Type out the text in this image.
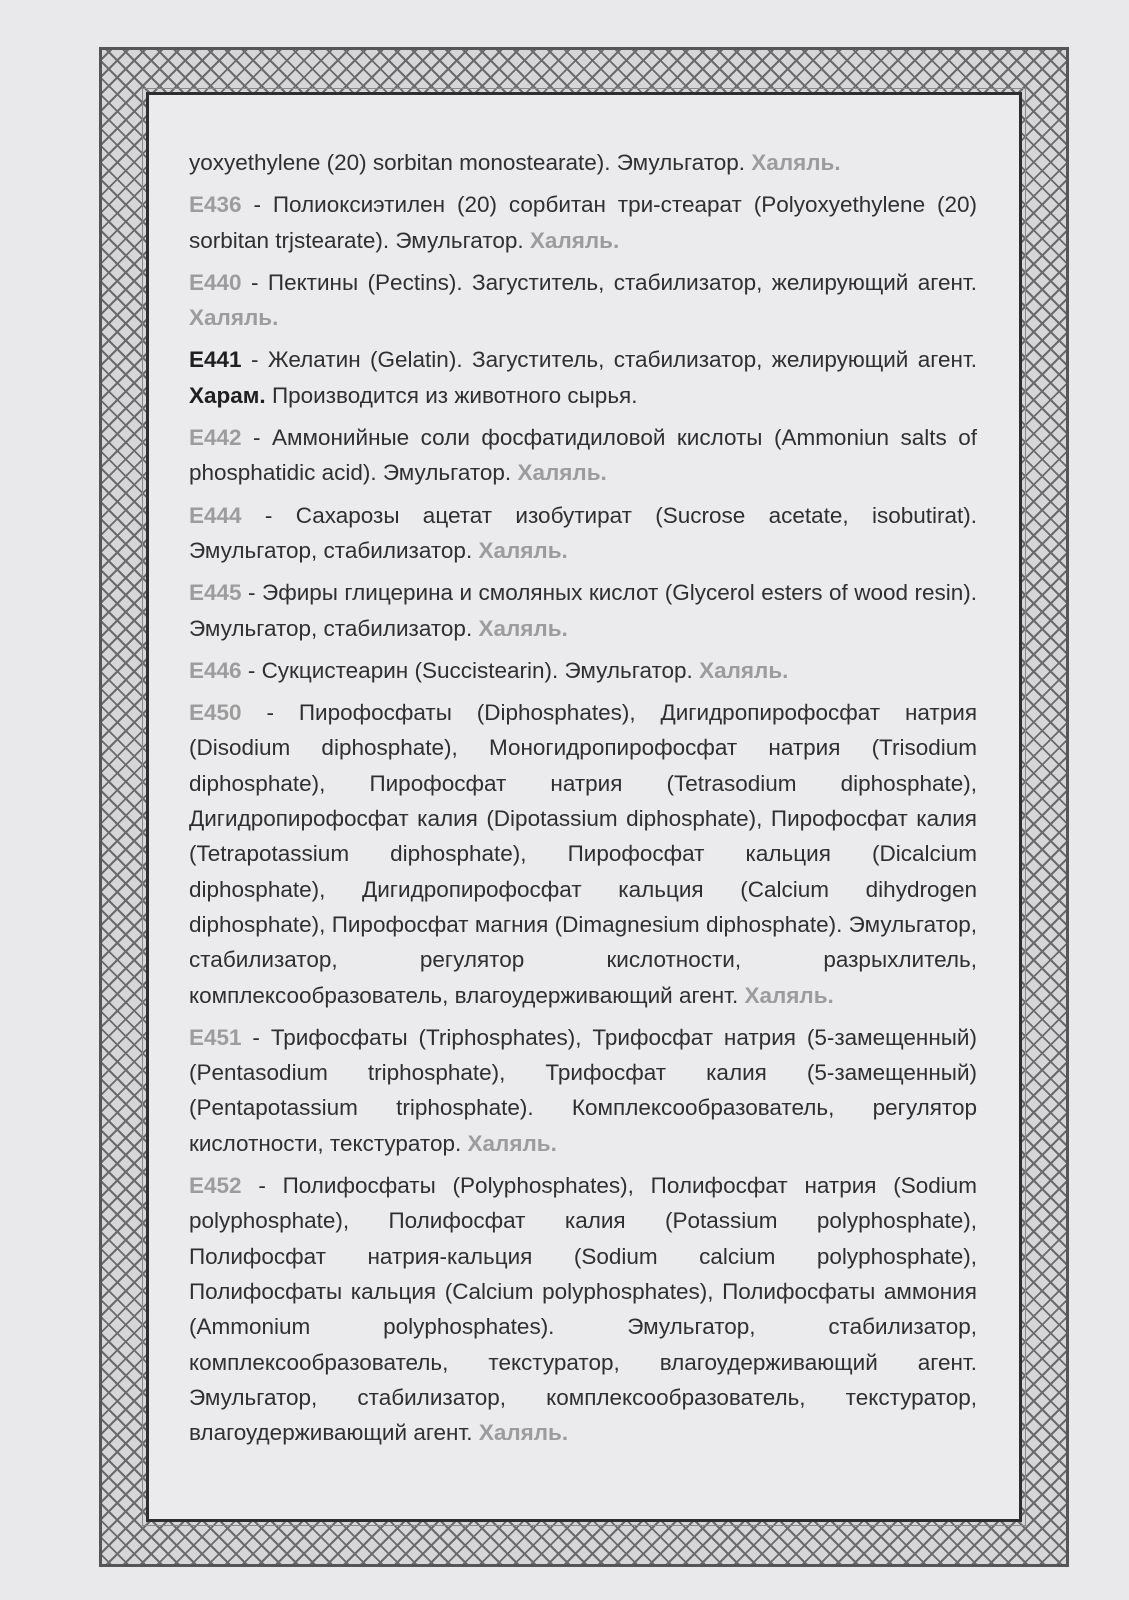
yoxyethylene (20) sorbitan monostearate). Эмульгатор. Халяль.

E436 - Полиоксиэтилен (20) сорбитан три-стеарат (Polyoxyethylene (20) sorbitan trjstearate). Эмульгатор. Халяль.

E440 - Пектины (Pectins). Загуститель, стабилизатор, желирующий агент. Халяль.

E441 - Желатин (Gelatin). Загуститель, стабилизатор, желирующий агент. Харам. Производится из животного сырья.

E442 - Аммонийные соли фосфатидиловой кислоты (Ammoniun salts of phosphatidic acid). Эмульгатор. Халяль.

E444 - Сахарозы ацетат изобутират (Sucrose acetate, isobutirat). Эмульгатор, стабилизатор. Халяль.

E445 - Эфиры глицерина и смоляных кислот (Glycerol esters of wood resin). Эмульгатор, стабилизатор. Халяль.

E446 - Сукцистеарин (Succistearin). Эмульгатор. Халяль.

E450 - Пирофосфаты (Diphosphates), Дигидропирофосфат натрия (Disodium diphosphate), Моногидропирофосфат натрия (Trisodium diphosphate), Пирофосфат натрия (Tetrasodium diphosphate), Дигидропирофосфат калия (Dipotassium diphosphate), Пирофосфат калия (Tetrapotassium diphosphate), Пирофосфат кальция (Dicalcium diphosphate), Дигидропирофосфат кальция (Calcium dihydrogen diphosphate), Пирофосфат магния (Dimagnesium diphosphate). Эмульгатор, стабилизатор, регулятор кислотности, разрыхлитель, комплексообразователь, влагоудерживающий агент. Халяль.

E451 - Трифосфаты (Triphosphates), Трифосфат натрия (5-замещенный) (Pentasodium triphosphate), Трифосфат калия (5-замещенный) (Pentapotassium triphosphate). Комплексообразователь, регулятор кислотности, текстуратор. Халяль.

E452 - Полифосфаты (Polyphosphates), Полифосфат натрия (Sodium polyphosphate), Полифосфат калия (Potassium polyphosphate), Полифосфат натрия-кальция (Sodium calcium polyphosphate), Полифосфаты кальция (Calcium polyphosphates), Полифосфаты аммония (Ammonium polyphosphates). Эмульгатор, стабилизатор, комплексообразователь, текстуратор, влагоудерживающий агент. Эмульгатор, стабилизатор, комплексообразователь, текстуратор, влагоудерживающий агент. Халяль.
